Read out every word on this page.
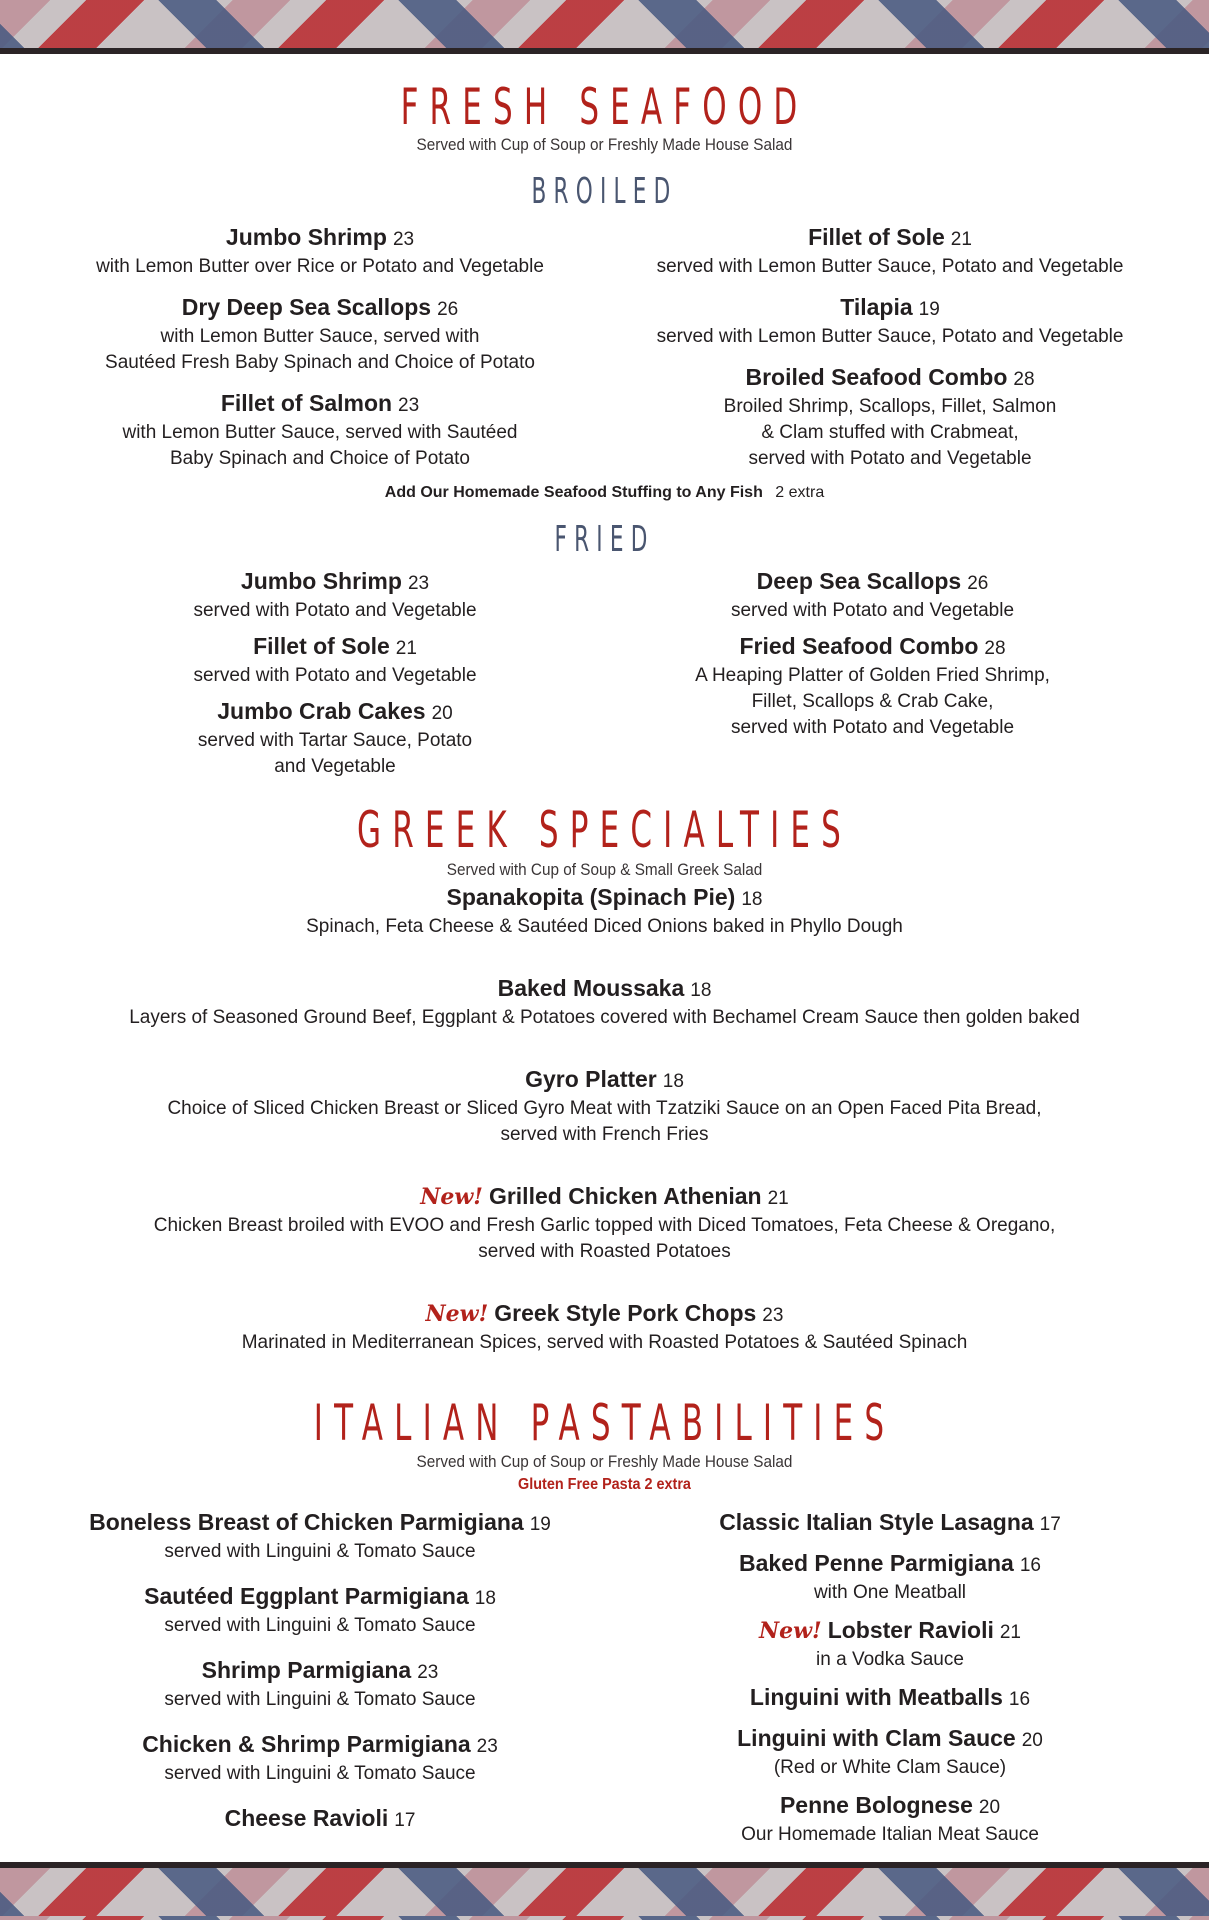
FRESH SEAFOOD
Served with Cup of Soup or Freshly Made House Salad
BROILED
Jumbo Shrimp 23
with Lemon Butter over Rice or Potato and Vegetable
Dry Deep Sea Scallops 26
with Lemon Butter Sauce, served with
Sautéed Fresh Baby Spinach and Choice of Potato
Fillet of Salmon 23
with Lemon Butter Sauce, served with Sautéed
Baby Spinach and Choice of Potato
Fillet of Sole 21
served with Lemon Butter Sauce, Potato and Vegetable
Tilapia 19
served with Lemon Butter Sauce, Potato and Vegetable
Broiled Seafood Combo 28
Broiled Shrimp, Scallops, Fillet, Salmon
& Clam stuffed with Crabmeat,
served with Potato and Vegetable
Add Our Homemade Seafood Stuffing to Any Fish 2 extra
FRIED
Jumbo Shrimp 23
served with Potato and Vegetable
Fillet of Sole 21
served with Potato and Vegetable
Jumbo Crab Cakes 20
served with Tartar Sauce, Potato
and Vegetable
Deep Sea Scallops 26
served with Potato and Vegetable
Fried Seafood Combo 28
A Heaping Platter of Golden Fried Shrimp,
Fillet, Scallops & Crab Cake,
served with Potato and Vegetable
GREEK SPECIALTIES
Served with Cup of Soup & Small Greek Salad
Spanakopita (Spinach Pie) 18
Spinach, Feta Cheese & Sautéed Diced Onions baked in Phyllo Dough
Baked Moussaka 18
Layers of Seasoned Ground Beef, Eggplant & Potatoes covered with Bechamel Cream Sauce then golden baked
Gyro Platter 18
Choice of Sliced Chicken Breast or Sliced Gyro Meat with Tzatziki Sauce on an Open Faced Pita Bread,
served with French Fries
New! Grilled Chicken Athenian 21
Chicken Breast broiled with EVOO and Fresh Garlic topped with Diced Tomatoes, Feta Cheese & Oregano,
served with Roasted Potatoes
New! Greek Style Pork Chops 23
Marinated in Mediterranean Spices, served with Roasted Potatoes & Sautéed Spinach
ITALIAN PASTABILITIES
Served with Cup of Soup or Freshly Made House Salad
Gluten Free Pasta 2 extra
Boneless Breast of Chicken Parmigiana 19
served with Linguini & Tomato Sauce
Sautéed Eggplant Parmigiana 18
served with Linguini & Tomato Sauce
Shrimp Parmigiana 23
served with Linguini & Tomato Sauce
Chicken & Shrimp Parmigiana 23
served with Linguini & Tomato Sauce
Cheese Ravioli 17
Classic Italian Style Lasagna 17
Baked Penne Parmigiana 16
with One Meatball
New! Lobster Ravioli 21
in a Vodka Sauce
Linguini with Meatballs 16
Linguini with Clam Sauce 20
(Red or White Clam Sauce)
Penne Bolognese 20
Our Homemade Italian Meat Sauce
